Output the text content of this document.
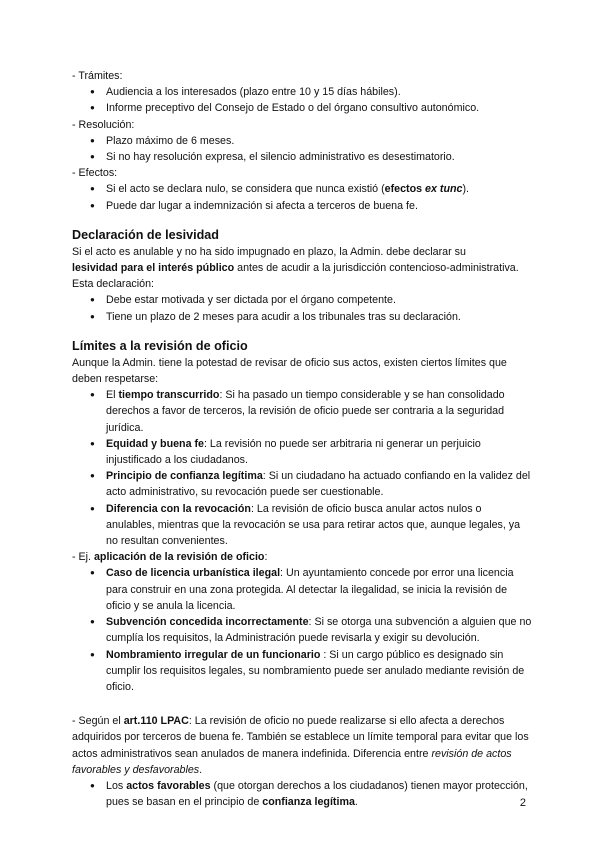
- Trámites:
● Audiencia a los interesados (plazo entre 10 y 15 días hábiles).
● Informe preceptivo del Consejo de Estado o del órgano consultivo autonómico.
- Resolución:
● Plazo máximo de 6 meses.
● Si no hay resolución expresa, el silencio administrativo es desestimatorio.
- Efectos:
● Si el acto se declara nulo, se considera que nunca existió (efectos ex tunc).
● Puede dar lugar a indemnización si afecta a terceros de buena fe.
Declaración de lesividad
Si el acto es anulable y no ha sido impugnado en plazo, la Admin. debe declarar su
lesividad para el interés público antes de acudir a la jurisdicción contencioso-administrativa. Esta declaración:
● Debe estar motivada y ser dictada por el órgano competente.
● Tiene un plazo de 2 meses para acudir a los tribunales tras su declaración.
Límites a la revisión de oficio
Aunque la Admin. tiene la potestad de revisar de oficio sus actos, existen ciertos límites que deben respetarse:
● El tiempo transcurrido: Si ha pasado un tiempo considerable y se han consolidado derechos a favor de terceros, la revisión de oficio puede ser contraria a la seguridad jurídica.
● Equidad y buena fe: La revisión no puede ser arbitraria ni generar un perjuicio injustificado a los ciudadanos.
● Principio de confianza legítima: Si un ciudadano ha actuado confiando en la validez del acto administrativo, su revocación puede ser cuestionable.
● Diferencia con la revocación: La revisión de oficio busca anular actos nulos o anulables, mientras que la revocación se usa para retirar actos que, aunque legales, ya no resultan convenientes.
- Ej. aplicación de la revisión de oficio:
● Caso de licencia urbanística ilegal: Un ayuntamiento concede por error una licencia para construir en una zona protegida. Al detectar la ilegalidad, se inicia la revisión de oficio y se anula la licencia.
● Subvención concedida incorrectamente: Si se otorga una subvención a alguien que no cumplía los requisitos, la Administración puede revisarla y exigir su devolución.
● Nombramiento irregular de un funcionario : Si un cargo público es designado sin cumplir los requisitos legales, su nombramiento puede ser anulado mediante revisión de oficio.
- Según el art.110 LPAC: La revisión de oficio no puede realizarse si ello afecta a derechos adquiridos por terceros de buena fe. También se establece un límite temporal para evitar que los actos administrativos sean anulados de manera indefinida. Diferencia entre revisión de actos favorables y desfavorables.
● Los actos favorables (que otorgan derechos a los ciudadanos) tienen mayor protección, pues se basan en el principio de confianza legítima.	2
